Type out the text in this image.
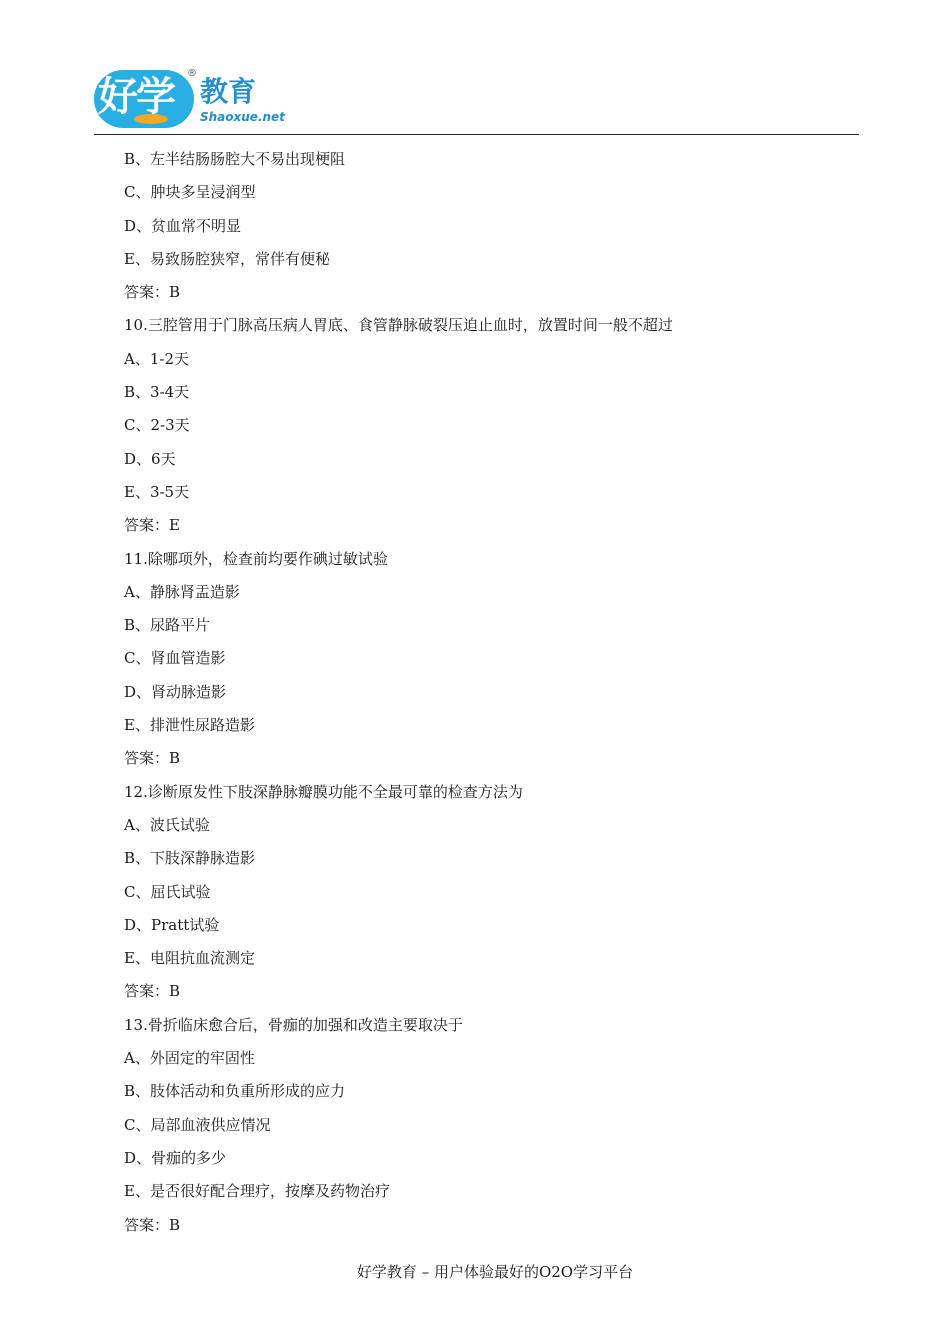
好学
®
教育
Shaoxue.net
B、左半结肠肠腔大不易出现梗阻
C、肿块多呈浸润型
D、贫血常不明显
E、易致肠腔狭窄，常伴有便秘
答案：B
10.三腔管用于门脉高压病人胃底、食管静脉破裂压迫止血时，放置时间一般不超过
A、1-2天
B、3-4天
C、2-3天
D、6天
E、3-5天
答案：E
11.除哪项外，检查前均要作碘过敏试验
A、静脉肾盂造影
B、尿路平片
C、肾血管造影
D、肾动脉造影
E、排泄性尿路造影
答案：B
12.诊断原发性下肢深静脉瓣膜功能不全最可靠的检查方法为
A、波氏试验
B、下肢深静脉造影
C、屈氏试验
D、Pratt试验
E、电阻抗血流测定
答案：B
13.骨折临床愈合后，骨痂的加强和改造主要取决于
A、外固定的牢固性
B、肢体活动和负重所形成的应力
C、局部血液供应情况
D、骨痂的多少
E、是否很好配合理疗，按摩及药物治疗
答案：B
好学教育 – 用户体验最好的O2O学习平台
